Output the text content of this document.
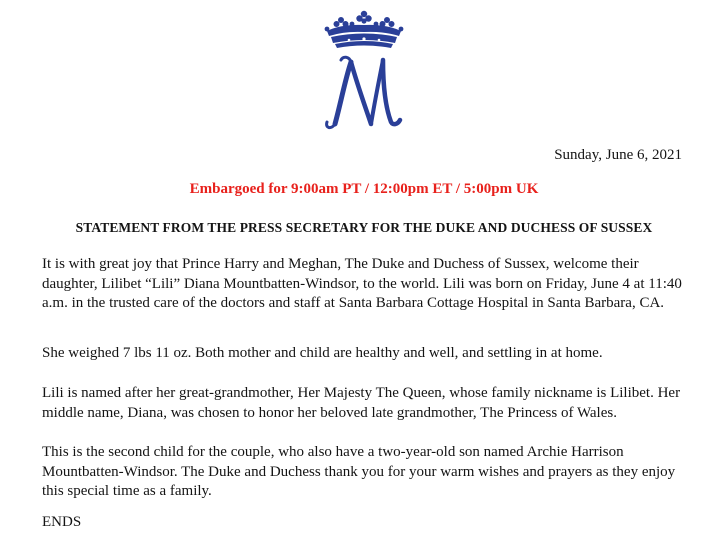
Sunday, June 6, 2021
Embargoed for 9:00am PT / 12:00pm ET / 5:00pm UK
STATEMENT FROM THE PRESS SECRETARY FOR THE DUKE AND DUCHESS OF SUSSEX

It is with great joy that Prince Harry and Meghan, The Duke and Duchess of Sussex, welcome their daughter, Lilibet “Lili” Diana Mountbatten-Windsor, to the world. Lili was born on Friday, June 4 at 11:40 a.m. in the trusted care of the doctors and staff at Santa Barbara Cottage Hospital in Santa Barbara, CA.

She weighed 7 lbs 11 oz. Both mother and child are healthy and well, and settling in at home.

Lili is named after her great-grandmother, Her Majesty The Queen, whose family nickname is Lilibet. Her middle name, Diana, was chosen to honor her beloved late grandmother, The Princess of Wales.

This is the second child for the couple, who also have a two-year-old son named Archie Harrison Mountbatten-Windsor. The Duke and Duchess thank you for your warm wishes and prayers as they enjoy this special time as a family.

ENDS
